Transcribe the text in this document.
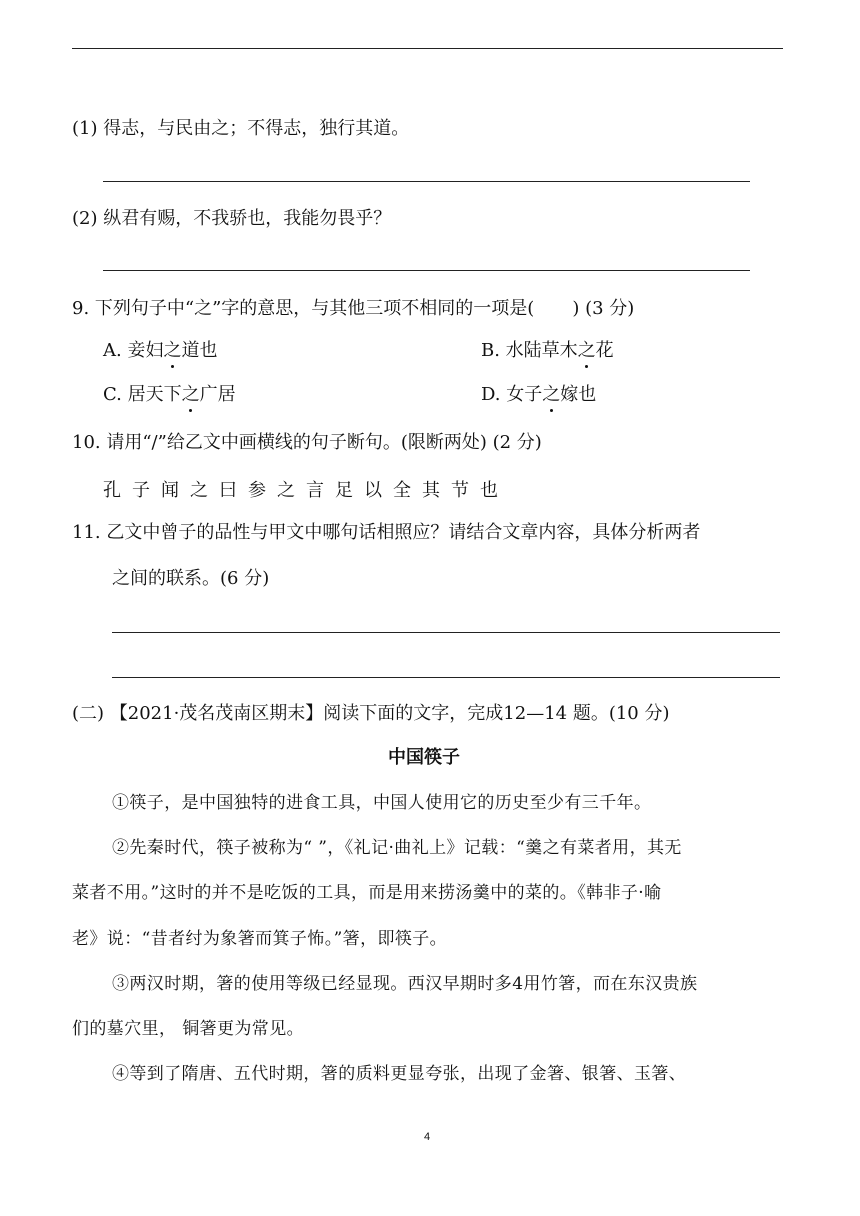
(1) 得志，与民由之；不得志，独行其道。
(2) 纵君有赐，不我骄也，我能勿畏乎？
9. 下列句子中“之”字的意思，与其他三项不相同的一项是( ) (3 分)
A. 妾妇之道也	B. 水陆草木之花
C. 居天下之广居	D. 女子之嫁也
10. 请用“/”给乙文中画横线的句子断句。(限断两处) (2 分)
孔子闻之曰参之言足以全其节也
11. 乙文中曾子的品性与甲文中哪句话相照应？请结合文章内容，具体分析两者
之间的联系。(6 分)
(二) 【2021·茂名茂南区期末】阅读下面的文字，完成12—14 题。(10 分)
中国筷子
①筷子，是中国独特的进食工具，中国人使用它的历史至少有三千年。
②先秦时代，筷子被称为“ ”，《礼记·曲礼上》记载：“羹之有菜者用，其无
菜者不用。”这时的并不是吃饭的工具，而是用来捞汤羹中的菜的。《韩非子·喻
老》说：“昔者纣为象箸而箕子怖。”箸，即筷子。
③两汉时期，箸的使用等级已经显现。西汉早期时多4用竹箸，而在东汉贵族
们的墓穴里， 铜箸更为常见。
④等到了隋唐、五代时期，箸的质料更显夸张，出现了金箸、银箸、玉箸、
4
